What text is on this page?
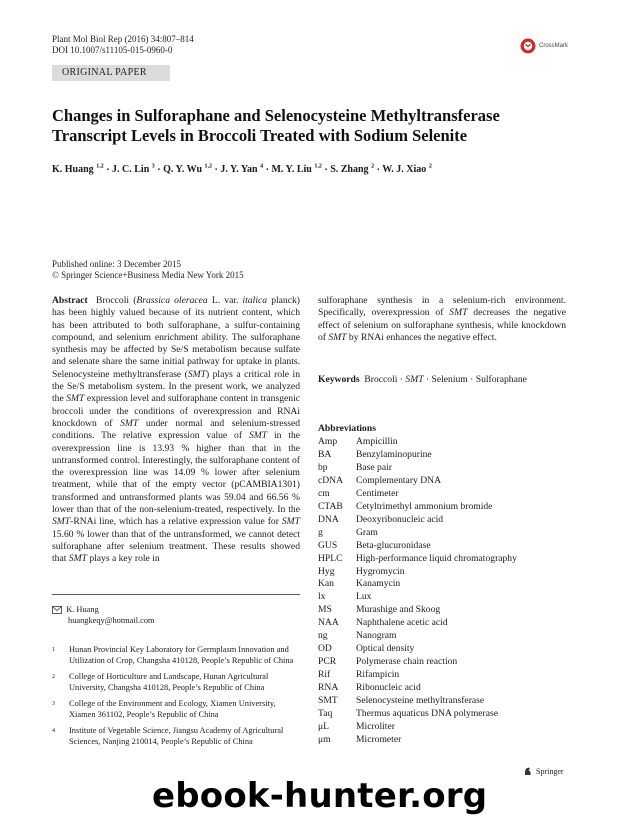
Plant Mol Biol Rep (2016) 34:807–814
DOI 10.1007/s11105-015-0960-0	CrossMark
ORIGINAL PAPER
Changes in Sulforaphane and Selenocysteine Methyltransferase
Transcript Levels in Broccoli Treated with Sodium Selenite
K. Huang $^{1,2}$ · J. C. Lin $^3$ · Q. Y. Wu $^{1,2}$ · J. Y. Yan $^4$ · M. Y. Liu $^{1,2}$ · S. Zhang $^2$ · W. J. Xiao $^2$
Published online: 3 December 2015
© Springer Science+Business Media New York 2015
Abstract Broccoli (Brassica oleracea L. var. italica planck) has been highly valued because of its nutrient content, which has been attributed to both sulforaphane, a sulfur-containing compound, and selenium enrichment ability. The sulforaphane synthesis may be affected by Se/S metabolism because sulfate and selenate share the same initial pathway for uptake in plants. Selenocysteine methyltransferase (SMT) plays a critical role in the Se/S metabolism system. In the present work, we analyzed the SMT expression level and sulforaphane content in transgenic broccoli under the conditions of overexpression and RNAi knockdown of SMT under normal and selenium-stressed conditions. The relative expression value of SMT in the overexpression line is 13.93 % higher than that in the untransformed control. Interestingly, the sulforaphane content of the overexpression line was 14.09 % lower after selenium treatment, while that of the empty vector (pCAMBIA1301) transformed and untransformed plants was 59.04 and 66.56 % lower than that of the non-selenium-treated, respectively. In the SMT-RNAi line, which has a relative expression value for SMT 15.60 % lower than that of the untransformed, we cannot detect sulforaphane after selenium treatment. These results showed that SMT plays a key role in
sulforaphane synthesis in a selenium-rich environment. Specifically, overexpression of SMT decreases the negative effect of selenium on sulforaphane synthesis, while knockdown of SMT by RNAi enhances the negative effect.
Keywords Broccoli · SMT · Selenium · Sulforaphane
Abbreviations
Amp	Ampicillin
BA	Benzylaminopurine
bp	Base pair
cDNA	Complementary DNA
cm	Centimeter
CTAB	Cetyltrimethyl ammonium bromide
DNA	Deoxyribonucleic acid
g	Gram
GUS	Beta-glucuronidase
HPLC	High-performance liquid chromatography
Hyg	Hygromycin
Kan	Kanamycin
lx	Lux
MS	Murashige and Skoog
NAA	Naphthalene acetic acid
ng	Nanogram
OD	Optical density
PCR	Polymerase chain reaction
Rif	Rifampicin
RNA	Ribonucleic acid
SMT	Selenocysteine methyltransferase
Taq	Thermus aquaticus DNA polymerase
μL	Microliter
μm	Micrometer
K. Huang
huangkeqy@hotmail.com
1 Hunan Provincial Key Laboratory for Germplasm Innovation and Utilization of Crop, Changsha 410128, People’s Republic of China
2 College of Horticulture and Landscape, Hunan Agricultural University, Changsha 410128, People’s Republic of China
3 College of the Environment and Ecology, Xiamen University, Xiamen 361102, People’s Republic of China
4 Institute of Vegetable Science, Jiangsu Academy of Agricultural Sciences, Nanjing 210014, People’s Republic of China
Springer
ebook-hunter.org
